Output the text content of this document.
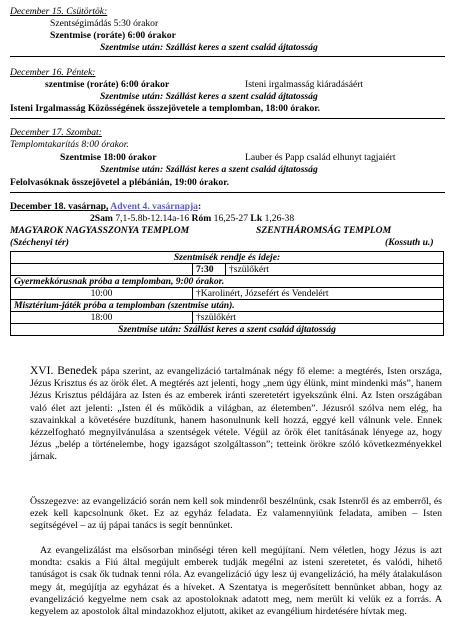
December 15. Csütörtök:
Szentségimádás 5:30 órakor
Szentmise (roráte) 6:00 órakor
Szentmise után: Szállást keres a szent család ájtatosság
December 16. Péntek:
szentmise (roráte) 6:00 órakor	Isteni irgalmasság kiáradásáért
Szentmise után: Szállást keres a szent család ájtatosság
Isteni Irgalmasság Közösségének összejövetele a templomban, 18:00 órakor.
December 17. Szombat:
Templomtakarítás 8:00 órakor.
Szentmise 18:00 órakor	Lauber és Papp család elhunyt tagjaiért
Szentmise után: Szállást keres a szent család ájtatosság
Felolvasóknak összejövetel a plébánián, 19:00 órakor.
December 18. vasárnap, Advent 4. vasárnapja:
2Sam 7,1-5.8b-12.14a-16 Róm 16,25-27 Lk 1,26-38
MAGYAROK NAGYASSZONYA TEMPLOM	SZENTHÁROMSÁG TEMPLOM
(Széchenyi tér)	(Kossuth u.)
Szentmisék rendje és ideje:		
	7:30	†szülőkért
Gyermekkórusnak próba a templomban, 9:00 órakor.		
10:00	†Karolinért, Józsefért és Vendelért	
Misztérium-játék próba a templomban (szentmise után).		
18:00	†szülőkért	
Szentmise után: Szállást keres a szent család ájtatosság		
XVI. Benedek pápa szerint, az evangelizáció tartalmának négy fő eleme: a megtérés, Isten országa, Jézus Krisztus és az örök élet. A megtérés azt jelenti, hogy „nem úgy élünk, mint mindenki más”, hanem Jézus Krisztus példájára az Isten és az emberek iránti szeretetért igyekszünk élni. Az Isten országában való élet azt jelenti: „Isten él és működik a világban, az életemben”. Jézusról szólva nem elég, ha szavainkkal a követésére buzdítunk, hanem hasonulnunk kell hozzá, eggyé kell válnunk vele. Ennek kézzelfogható megnyilvánulása a szentségek vétele. Végül az örök élet tanításának lényege az, hogy Jézus „belép a történelembe, hogy igazságot szolgáltasson”; tetteink örökre szóló következményekkel járnak.
Összegezve: az evangelizáció során nem kell sok mindenről beszélnünk, csak Istenről és az emberről, és ezek kell kapcsolnunk őket. Ez az egyház feladata. Ez valamennyiünk feladata, amiben – Isten segítségével – az új pápai tanács is segít bennünket.
Az evangelizálást ma elsősorban minőségi téren kell megújítani. Nem véletlen, hogy Jézus is azt mondta: csakis a Fiú által megújult emberek tudják megélni az isteni szeretetet, és valódi, hihető tanúságot is csak ők tudnak tenni róla. Az evangelizáció úgy lesz új evangelizáció, ha mély átalakuláson megy át, megújítja az egyházat és a híveket. A Szentatya is megerősített bennünket abban, hogy az evangelizáció kegyelme nem csak az apostoloknak adatott meg, nem merült ki velük ez a forrás. A kegyelem az apostolok által mindazokhoz eljutott, akiket az evangélium hirdetésére hívtak meg.
